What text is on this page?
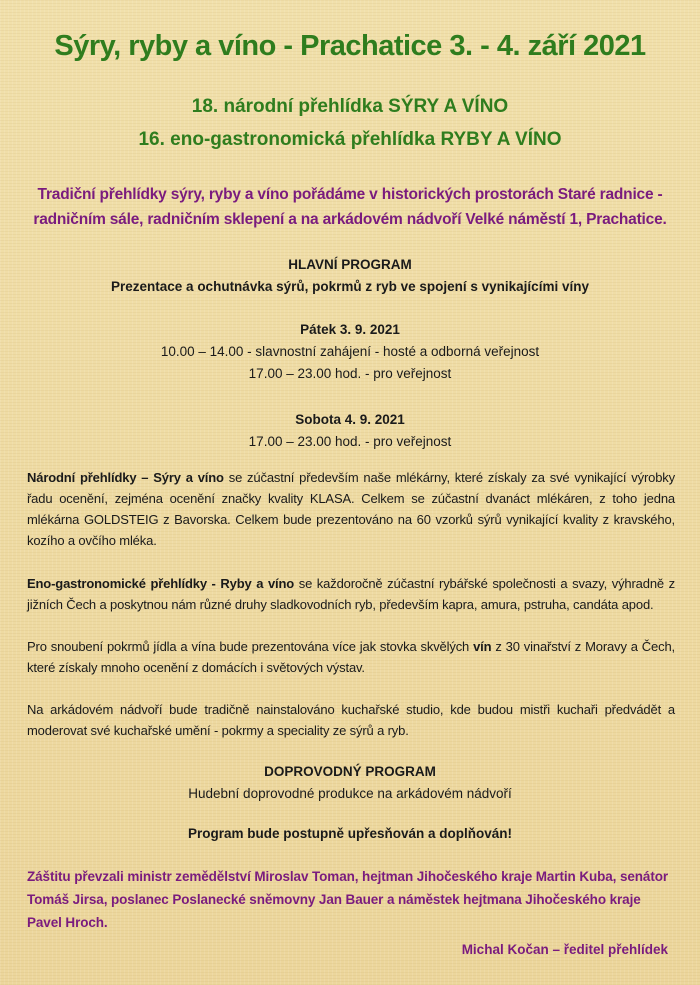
Sýry, ryby a víno - Prachatice 3. - 4. září 2021
18. národní přehlídka SÝRY A VÍNO
16. eno-gastronomická přehlídka RYBY A VÍNO
Tradiční přehlídky sýry, ryby a víno pořádáme v historických prostorách Staré radnice -
radničním sále, radničním sklepení a na arkádovém nádvoří Velké náměstí 1, Prachatice.
HLAVNÍ PROGRAM
Prezentace a ochutnávka sýrů, pokrmů z ryb ve spojení s vynikajícími víny
Pátek 3. 9. 2021
10.00 – 14.00 - slavnostní zahájení - hosté a odborná veřejnost
17.00 – 23.00 hod. - pro veřejnost
Sobota 4. 9. 2021
17.00 – 23.00 hod. - pro veřejnost
Národní přehlídky – Sýry a víno se zúčastní především naše mlékárny, které získaly za své vynikající výrobky řadu ocenění, zejména ocenění značky kvality KLASA. Celkem se zúčastní dvanáct mlékáren, z toho jedna mlékárna GOLDSTEIG z Bavorska. Celkem bude prezentováno na 60 vzorků sýrů vynikající kvality z kravského, kozího a ovčího mléka.
Eno-gastronomické přehlídky - Ryby a víno se každoročně zúčastní rybářské společnosti a svazy, výhradně z jižních Čech a poskytnou nám různé druhy sladkovodních ryb, především kapra, amura, pstruha, candáta apod.
Pro snoubení pokrmů jídla a vína bude prezentována více jak stovka skvělých vín z 30 vinařství z Moravy a Čech, které získaly mnoho ocenění z domácích i světových výstav.
Na arkádovém nádvoří bude tradičně nainstalováno kuchařské studio, kde budou mistři kuchaři předvádět a moderovat své kuchařské umění - pokrmy a speciality ze sýrů a ryb.
DOPROVODNÝ PROGRAM
Hudební doprovodné produkce na arkádovém nádvoří
Program bude postupně upřesňován a doplňován!
Záštitu převzali ministr zemědělství Miroslav Toman, hejtman Jihočeského kraje Martin Kuba, senátor Tomáš Jirsa, poslanec Poslanecké sněmovny Jan Bauer a náměstek hejtmana Jihočeského kraje Pavel Hroch.
Michal Kočan – ředitel přehlídek
